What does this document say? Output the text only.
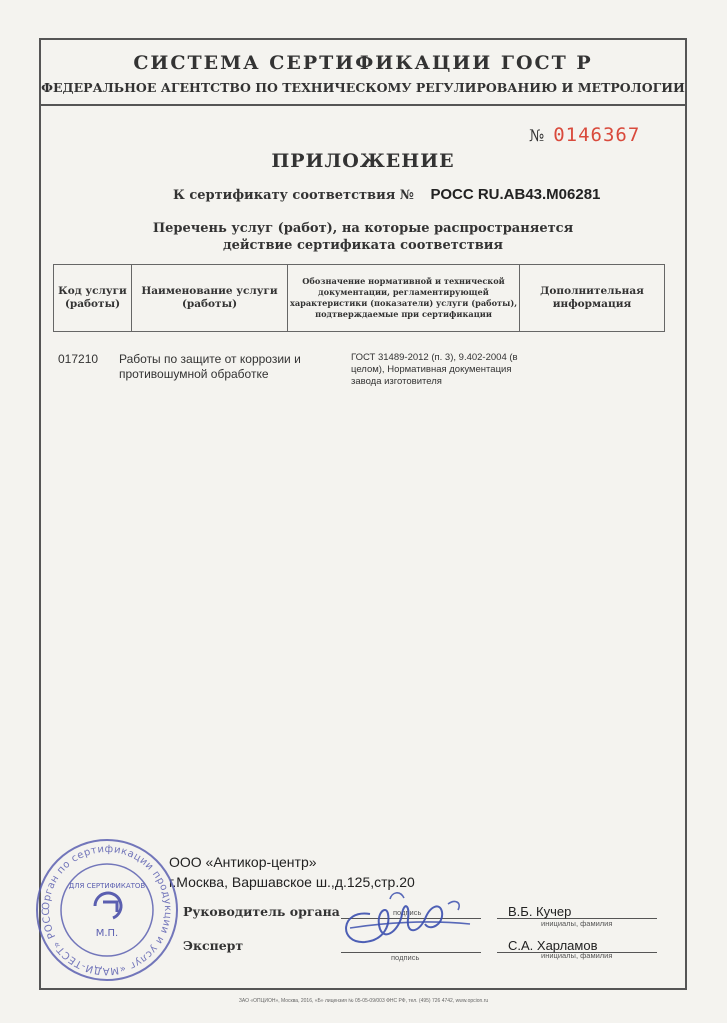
СИСТЕМА СЕРТИФИКАЦИИ ГОСТ Р
ФЕДЕРАЛЬНОЕ АГЕНТСТВО ПО ТЕХНИЧЕСКОМУ РЕГУЛИРОВАНИЮ И МЕТРОЛОГИИ
№ 0146367
ПРИЛОЖЕНИЕ
К сертификату соответствия № РОСС RU.АВ43.М06281
Перечень услуг (работ), на которые распространяется
действие сертификата соответствия
Код услуги (работы)
Наименование услуги (работы)
Обозначение нормативной и технической документации, регламентирующей характеристики (показатели) услуги (работы), подтверждаемые при сертификации
Дополнительная информация
017210 Работы по защите от коррозии и противошумной обработке
ГОСТ 31489-2012 (п. 3), 9.402-2004 (в целом), Нормативная документация завода изготовителя
ООО «Антикор-центр»
г.Москва, Варшавское ш.,д.125,стр.20
Руководитель органа	подпись	В.Б. Кучер
инициалы, фамилия
Эксперт
подпись
С.А. Харламов
инициалы, фамилия
Орган по сертификации продукции и услуг «МАДИ-ТЕСТ» РОСС
ДЛЯ СЕРТИФИКАТОВ
М.П.
ЗАО «ОПЦИОН», Москва, 2016, «Б» лицензия № 05-05-09/003 ФНС РФ, тел. (495) 726 4742, www.opcion.ru
